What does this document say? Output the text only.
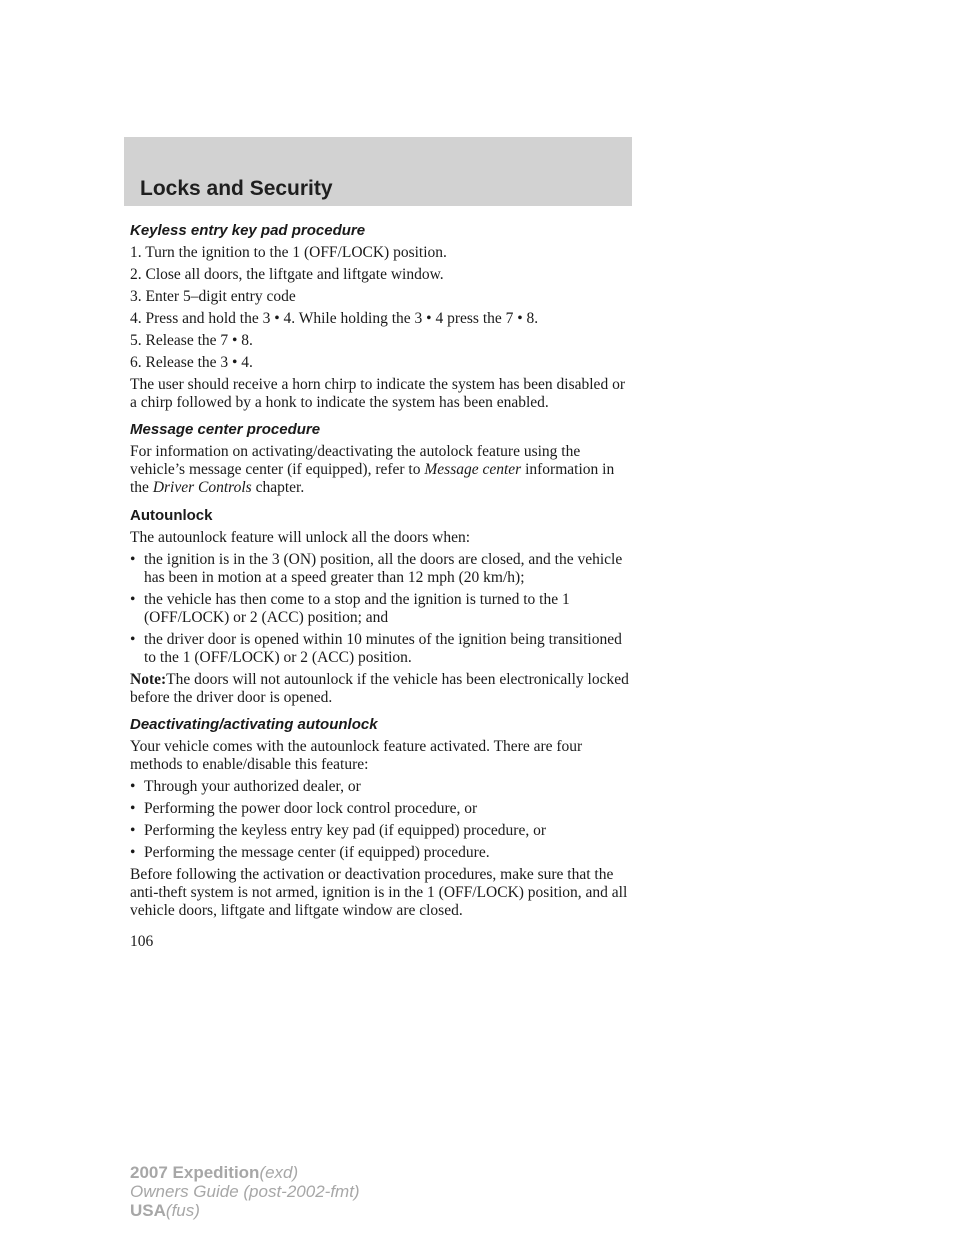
Locks and Security
Keyless entry key pad procedure
1. Turn the ignition to the 1 (OFF/LOCK) position.
2. Close all doors, the liftgate and liftgate window.
3. Enter 5–digit entry code
4. Press and hold the 3 • 4. While holding the 3 • 4 press the 7 • 8.
5. Release the 7 • 8.
6. Release the 3 • 4.

The user should receive a horn chirp to indicate the system has been disabled or a chirp followed by a honk to indicate the system has been enabled.

Message center procedure

For information on activating/deactivating the autolock feature using the vehicle’s message center (if equipped), refer to Message center information in the Driver Controls chapter.

Autounlock

The autounlock feature will unlock all the doors when:

• the ignition is in the 3 (ON) position, all the doors are closed, and the vehicle has been in motion at a speed greater than 12 mph (20 km/h);
• the vehicle has then come to a stop and the ignition is turned to the 1 (OFF/LOCK) or 2 (ACC) position; and
• the driver door is opened within 10 minutes of the ignition being transitioned to the 1 (OFF/LOCK) or 2 (ACC) position.

Note:The doors will not autounlock if the vehicle has been electronically locked before the driver door is opened.

Deactivating/activating autounlock

Your vehicle comes with the autounlock feature activated. There are four methods to enable/disable this feature:

• Through your authorized dealer, or
• Performing the power door lock control procedure, or
• Performing the keyless entry key pad (if equipped) procedure, or
• Performing the message center (if equipped) procedure.

Before following the activation or deactivation procedures, make sure that the anti-theft system is not armed, ignition is in the 1 (OFF/LOCK) position, and all vehicle doors, liftgate and liftgate window are closed.

106
2007 Expedition(exd)
Owners Guide (post-2002-fmt)
USA(fus)
